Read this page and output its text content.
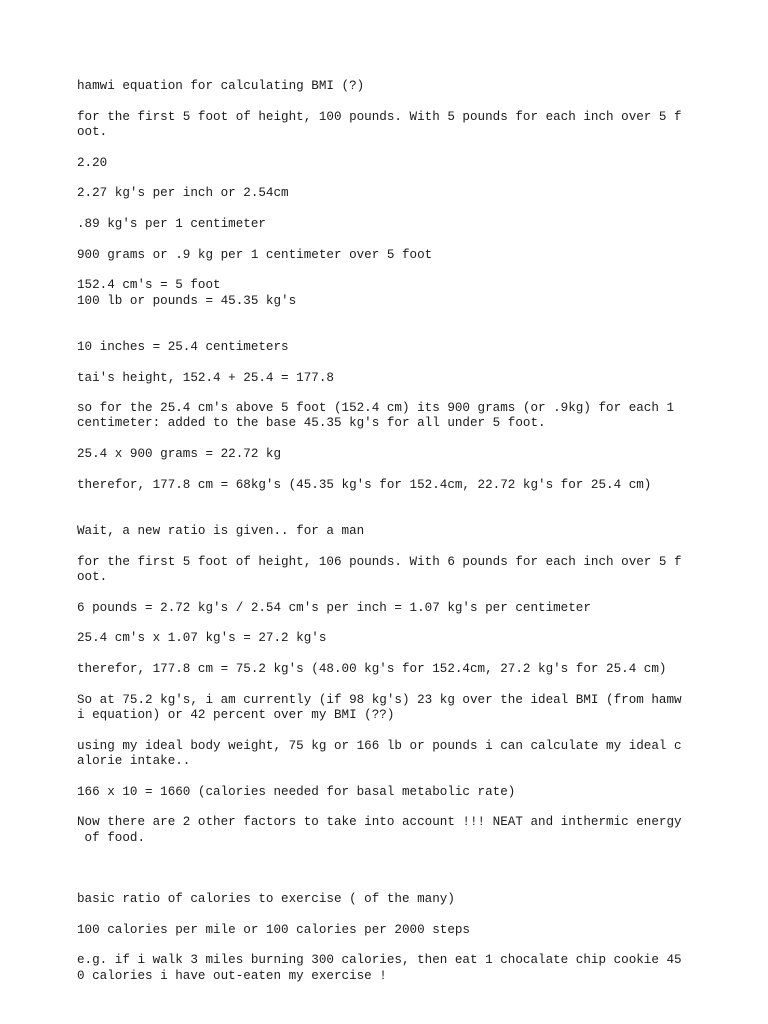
hamwi equation for calculating BMI (?)
for the first 5 foot of height, 100 pounds. With 5 pounds for each inch over 5 f
oot.
2.20
2.27 kg's per inch or 2.54cm
.89 kg's per 1 centimeter
900 grams or .9 kg per 1 centimeter over 5 foot
152.4 cm's = 5 foot
100 lb or pounds = 45.35 kg's
10 inches = 25.4 centimeters
tai's height, 152.4 + 25.4 = 177.8
so for the 25.4 cm's above 5 foot (152.4 cm) its 900 grams (or .9kg) for each 1
centimeter: added to the base 45.35 kg's for all under 5 foot.
25.4 x 900 grams = 22.72 kg
therefor, 177.8 cm = 68kg's (45.35 kg's for 152.4cm, 22.72 kg's for 25.4 cm)
Wait, a new ratio is given.. for a man
for the first 5 foot of height, 106 pounds. With 6 pounds for each inch over 5 f
oot.
6 pounds = 2.72 kg's / 2.54 cm's per inch = 1.07 kg's per centimeter
25.4 cm's x 1.07 kg's = 27.2 kg's
therefor, 177.8 cm = 75.2 kg's (48.00 kg's for 152.4cm, 27.2 kg's for 25.4 cm)
So at 75.2 kg's, i am currently (if 98 kg's) 23 kg over the ideal BMI (from hamw
i equation) or 42 percent over my BMI (??)
using my ideal body weight, 75 kg or 166 lb or pounds i can calculate my ideal c
alorie intake..
166 x 10 = 1660 (calories needed for basal metabolic rate)
Now there are 2 other factors to take into account !!! NEAT and inthermic energy
of food.
basic ratio of calories to exercise ( of the many)
100 calories per mile or 100 calories per 2000 steps
e.g. if i walk 3 miles burning 300 calories, then eat 1 chocalate chip cookie 45
0 calories i have out-eaten my exercise !
